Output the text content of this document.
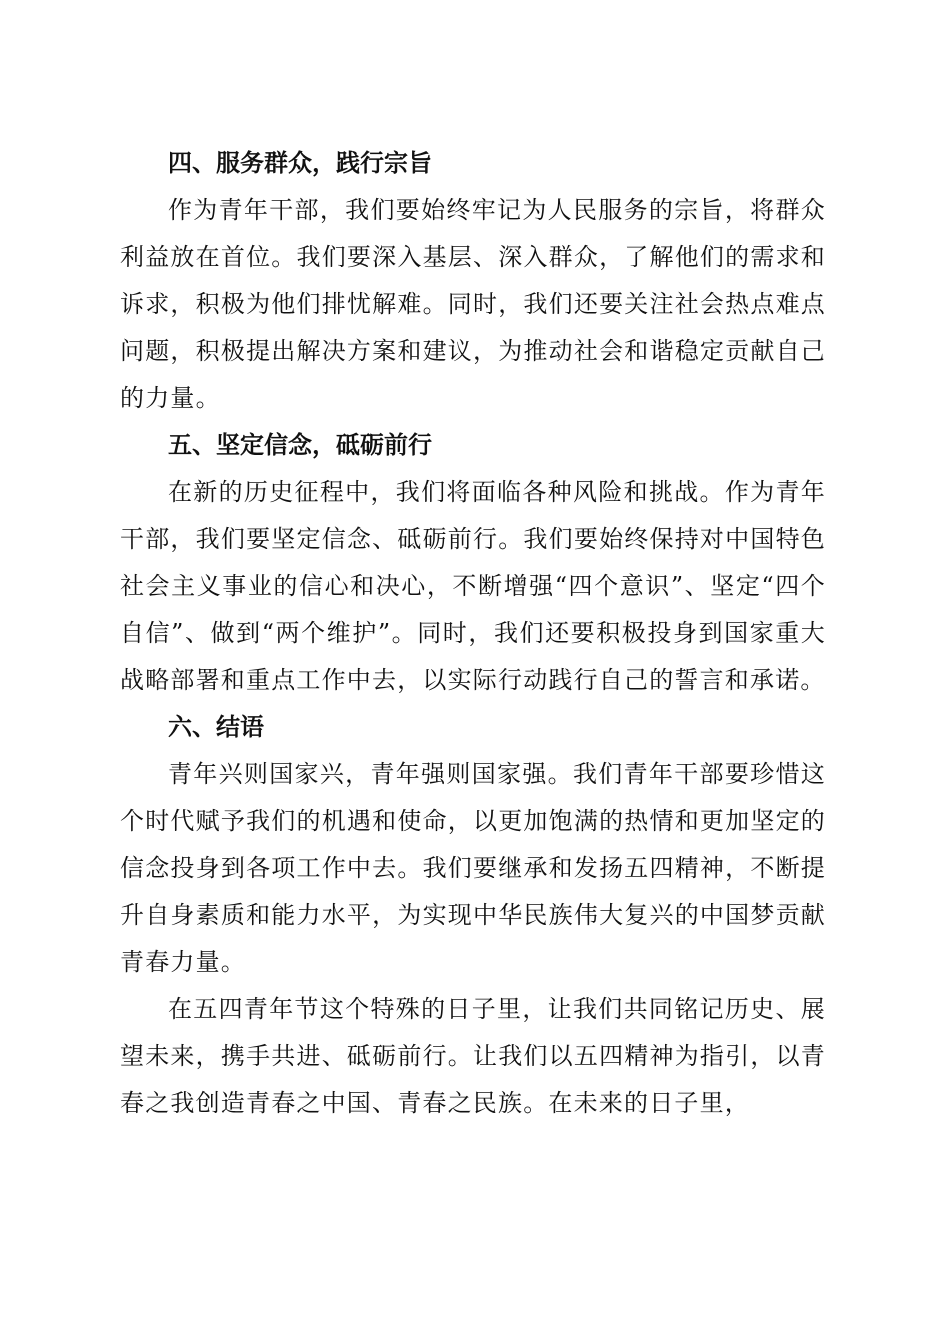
四、服务群众，践行宗旨

作为青年干部，我们要始终牢记为人民服务的宗旨，将群众利益放在首位。我们要深入基层、深入群众，了解他们的需求和诉求，积极为他们排忧解难。同时，我们还要关注社会热点难点问题，积极提出解决方案和建议，为推动社会和谐稳定贡献自己的力量。

五、坚定信念，砥砺前行

在新的历史征程中，我们将面临各种风险和挑战。作为青年干部，我们要坚定信念、砥砺前行。我们要始终保持对中国特色社会主义事业的信心和决心，不断增强“四个意识”、坚定“四个自信”、做到“两个维护”。同时，我们还要积极投身到国家重大战略部署和重点工作中去，以实际行动践行自己的誓言和承诺。

六、结语

青年兴则国家兴，青年强则国家强。我们青年干部要珍惜这个时代赋予我们的机遇和使命，以更加饱满的热情和更加坚定的信念投身到各项工作中去。我们要继承和发扬五四精神，不断提升自身素质和能力水平，为实现中华民族伟大复兴的中国梦贡献青春力量。

在五四青年节这个特殊的日子里，让我们共同铭记历史、展望未来，携手共进、砥砺前行。让我们以五四精神为指引，以青春之我创造青春之中国、青春之民族。在未来的日子里，
